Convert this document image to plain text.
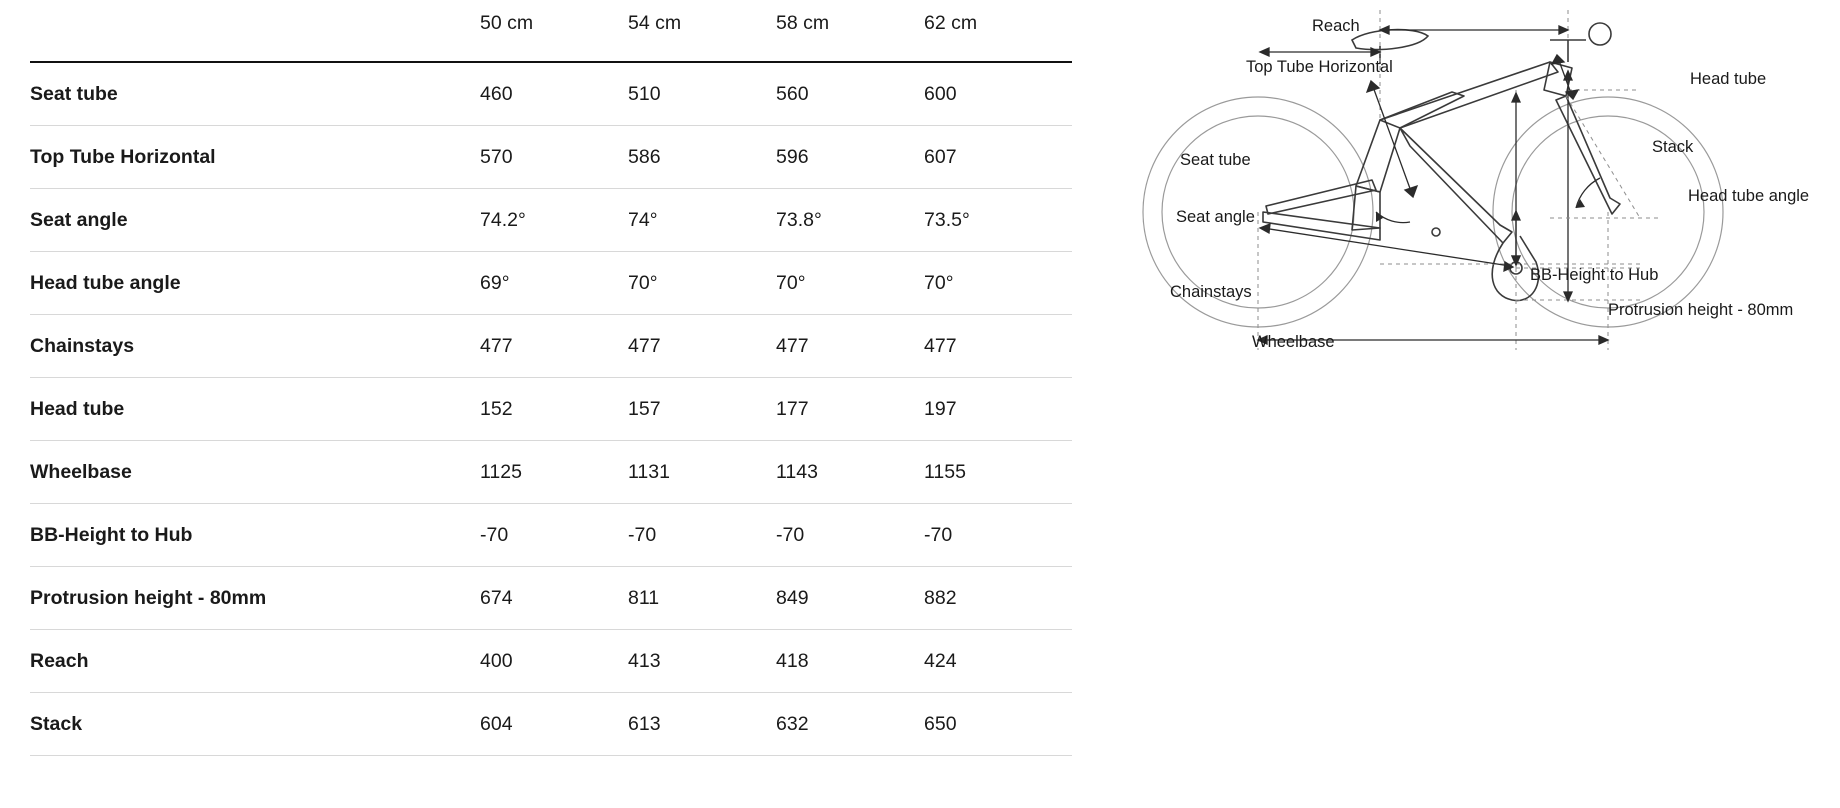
	50 cm	54 cm	58 cm	62 cm
Seat tube	460	510	560	600
Top Tube Horizontal	570	586	596	607
Seat angle	74.2°	74°	73.8°	73.5°
Head tube angle	69°	70°	70°	70°
Chainstays	477	477	477	477
Head tube	152	157	177	197
Wheelbase	1125	1131	1143	1155
BB-Height to Hub	-70	-70	-70	-70
Protrusion height - 80mm	674	811	849	882
Reach	400	413	418	424
Stack	604	613	632	650
Reach
Top Tube Horizontal
Head tube
Seat tube
Stack
Head tube angle
Seat angle
BB-Height to Hub
Chainstays
Protrusion height - 80mm
Wheelbase
